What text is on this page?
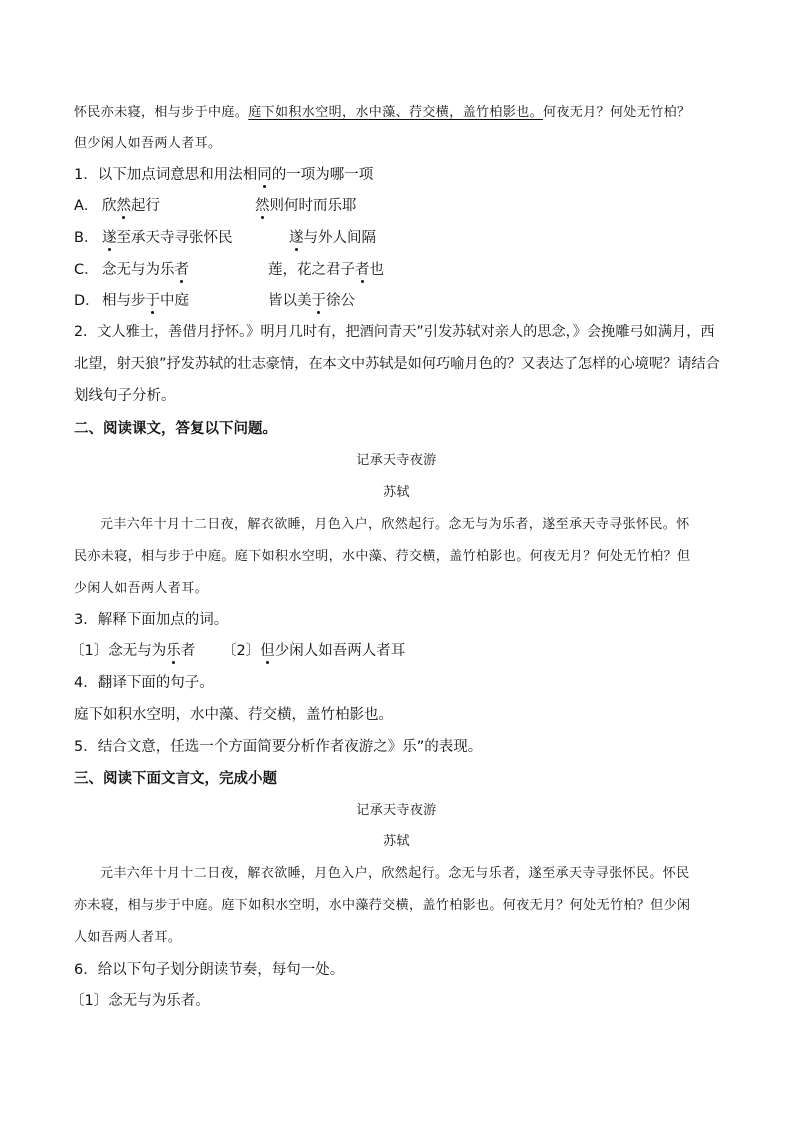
怀民亦未寝，相与步于中庭。庭下如积水空明，水中藻、荇交横，盖竹柏影也。何夜无月？何处无竹柏？
但少闲人如吾两人者耳。
1．以下加点词意思和用法相同的一项为哪一项
A． 欣然起行	然则何时而乐耶
B． 遂至承天寺寻张怀民	遂与外人间隔
C． 念无与为乐者	莲，花之君子者也
D． 相与步于中庭	皆以美于徐公
2．文人雅士，善借月抒怀。》明月几时有，把酒问青天”引发苏轼对亲人的思念，》会挽雕弓如满月，西
北望，射天狼”抒发苏轼的壮志豪情，在本文中苏轼是如何巧喻月色的？又表达了怎样的心境呢？请结合
划线句子分析。
二、阅读课文，答复以下问题。
记承天寺夜游
苏轼
元丰六年十月十二日夜，解衣欲睡，月色入户，欣然起行。念无与为乐者，遂至承天寺寻张怀民。怀
民亦未寝，相与步于中庭。庭下如积水空明，水中藻、荇交横，盖竹柏影也。何夜无月？何处无竹柏？但
少闲人如吾两人者耳。
3．解释下面加点的词。
〔1〕念无与为乐者 〔2〕但少闲人如吾两人者耳
4．翻译下面的句子。
庭下如积水空明，水中藻、荇交横，盖竹柏影也。
5．结合文意，任选一个方面简要分析作者夜游之》乐”的表现。
三、阅读下面文言文，完成小题
记承天寺夜游
苏轼
元丰六年十月十二日夜，解衣欲睡，月色入户，欣然起行。念无与乐者，遂至承天寺寻张怀民。怀民
亦未寝，相与步于中庭。庭下如积水空明，水中藻荇交横，盖竹柏影也。何夜无月？何处无竹柏？但少闲
人如吾两人者耳。
6．给以下句子划分朗读节奏，每句一处。
〔1〕念无与为乐者。
